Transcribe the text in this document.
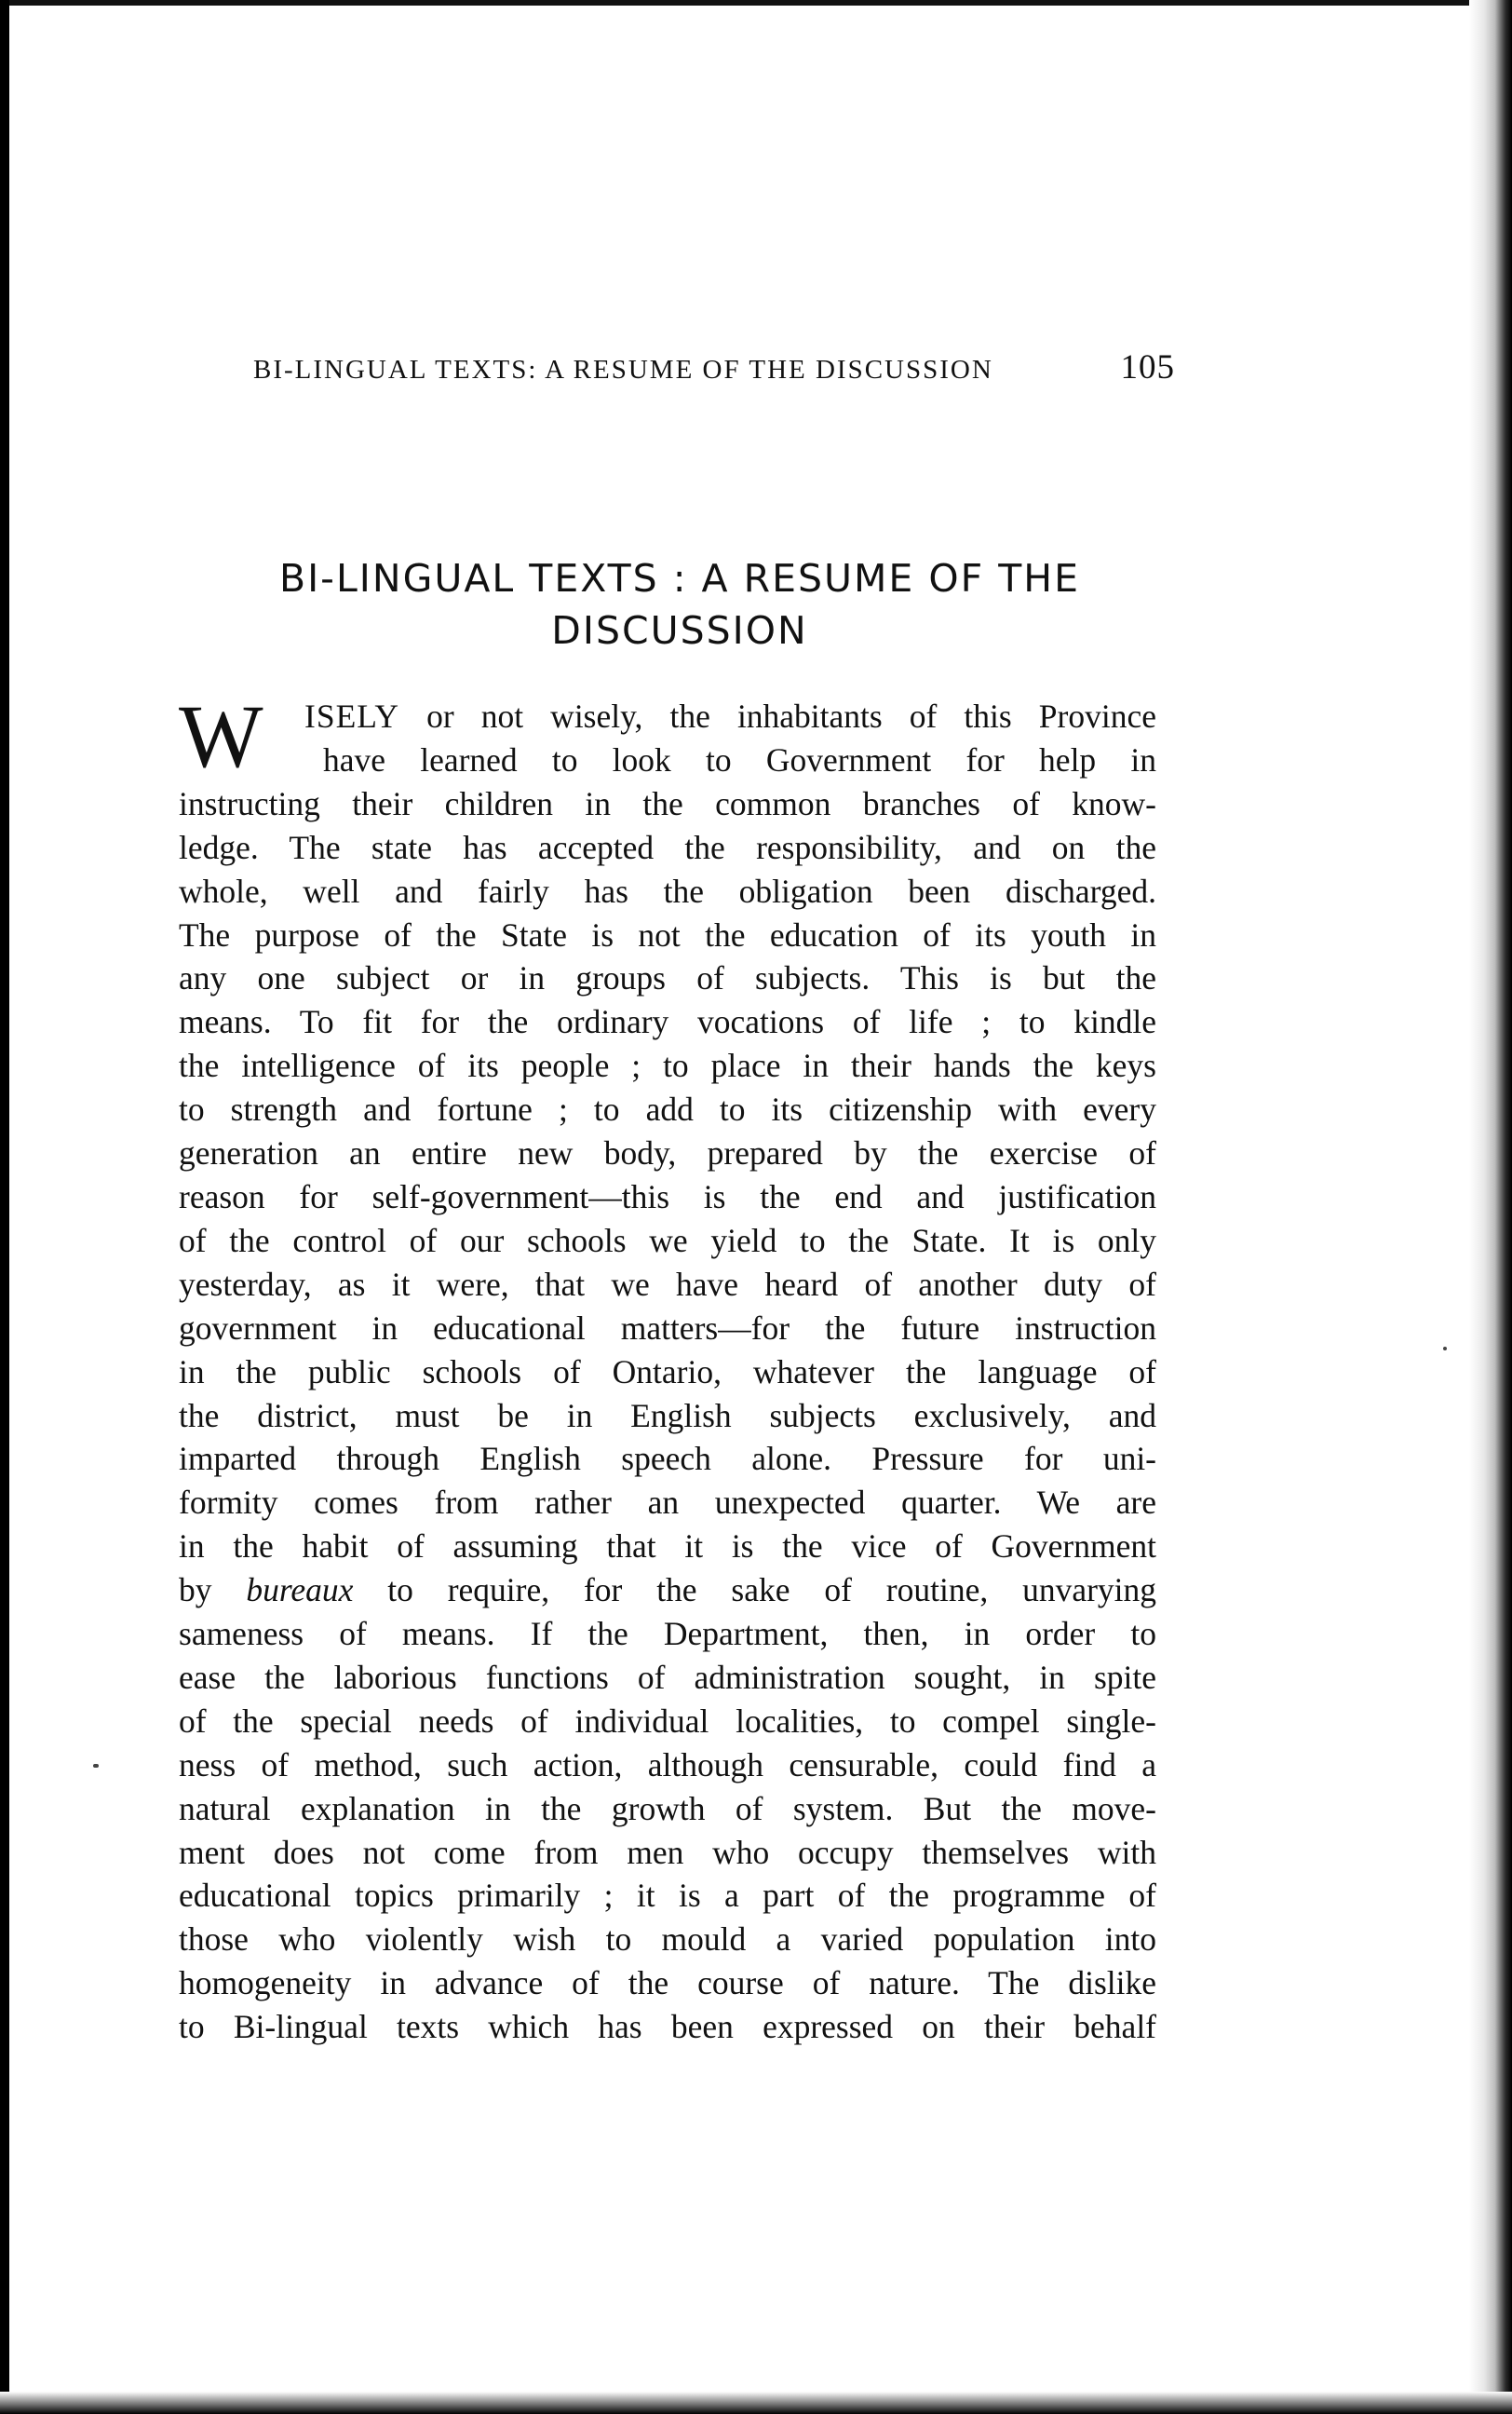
BI-LINGUAL TEXTS: A RESUME OF THE DISCUSSION	105
BI-LINGUAL TEXTS : A RESUME OF THE
DISCUSSION
W	ISELY or not wisely, the inhabitants of this Province
have learned to look to Government for help in
instructing their children in the common branches of know-
ledge. The state has accepted the responsibility, and on the
whole, well and fairly has the obligation been discharged.
The purpose of the State is not the education of its youth in
any one subject or in groups of subjects. This is but the
means. To fit for the ordinary vocations of life ; to kindle
the intelligence of its people ; to place in their hands the keys
to strength and fortune ; to add to its citizenship with every
generation an entire new body, prepared by the exercise of
reason for self-government—this is the end and justification
of the control of our schools we yield to the State. It is only
yesterday, as it were, that we have heard of another duty of
government in educational matters—for the future instruction
in the public schools of Ontario, whatever the language of
the district, must be in English subjects exclusively, and
imparted through English speech alone. Pressure for uni-
formity comes from rather an unexpected quarter. We are
in the habit of assuming that it is the vice of Government
by bureaux to require, for the sake of routine, unvarying
sameness of means. If the Department, then, in order to
ease the laborious functions of administration sought, in spite
of the special needs of individual localities, to compel single-
ness of method, such action, although censurable, could find a
natural explanation in the growth of system. But the move-
ment does not come from men who occupy themselves with
educational topics primarily ; it is a part of the programme of
those who violently wish to mould a varied population into
homogeneity in advance of the course of nature. The dislike
to Bi-lingual texts which has been expressed on their behalf
